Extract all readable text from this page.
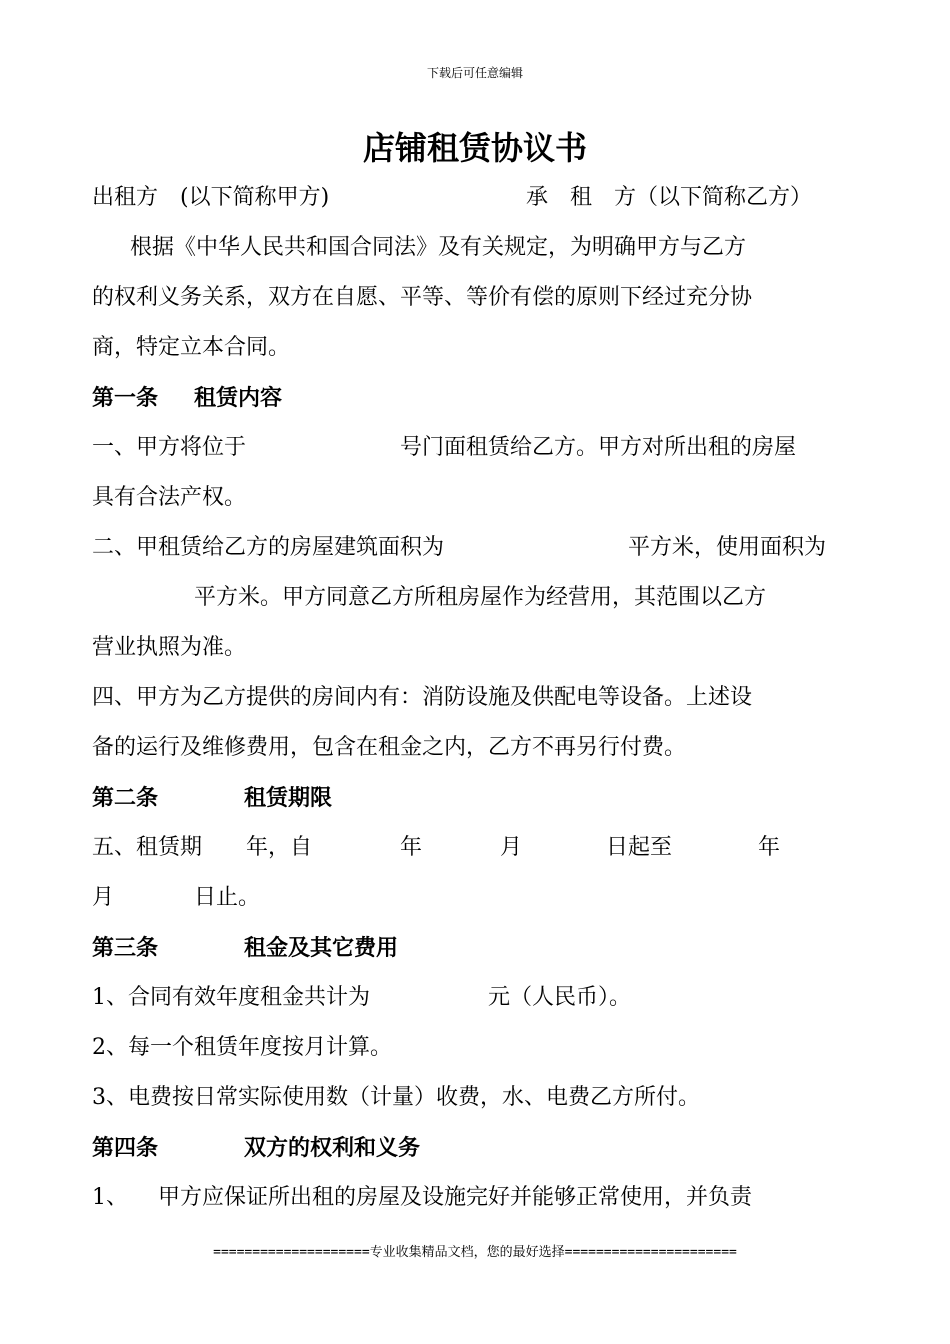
下载后可任意编辑
店铺租赁协议书
出租方　(以下简称甲方)	承　租　方（以下简称乙方）
根据《中华人民共和国合同法》及有关规定，为明确甲方与乙方
的权利义务关系，双方在自愿、平等、等价有偿的原则下经过充分协
商，特定立本合同。
第一条 租赁内容
一、甲方将位于	号门面租赁给乙方。甲方对所出租的房屋
具有合法产权。
二、甲租赁给乙方的房屋建筑面积为	平方米，使用面积为
平方米。甲方同意乙方所租房屋作为经营用，其范围以乙方
营业执照为准。
四、甲方为乙方提供的房间内有：消防设施及供配电等设备。上述设
备的运行及维修费用，包含在租金之内，乙方不再另行付费。
第二条	租赁期限
五、租赁期 年，自	年	月	日起至	年
月	日止。
第三条	租金及其它费用
1、合同有效年度租金共计为	元（人民币）。
2、每一个租赁年度按月计算。
3、电费按日常实际使用数（计量）收费，水、电费乙方所付。
第四条	双方的权利和义务
1、 甲方应保证所出租的房屋及设施完好并能够正常使用，并负责
====================专业收集精品文档，您的最好选择======================
